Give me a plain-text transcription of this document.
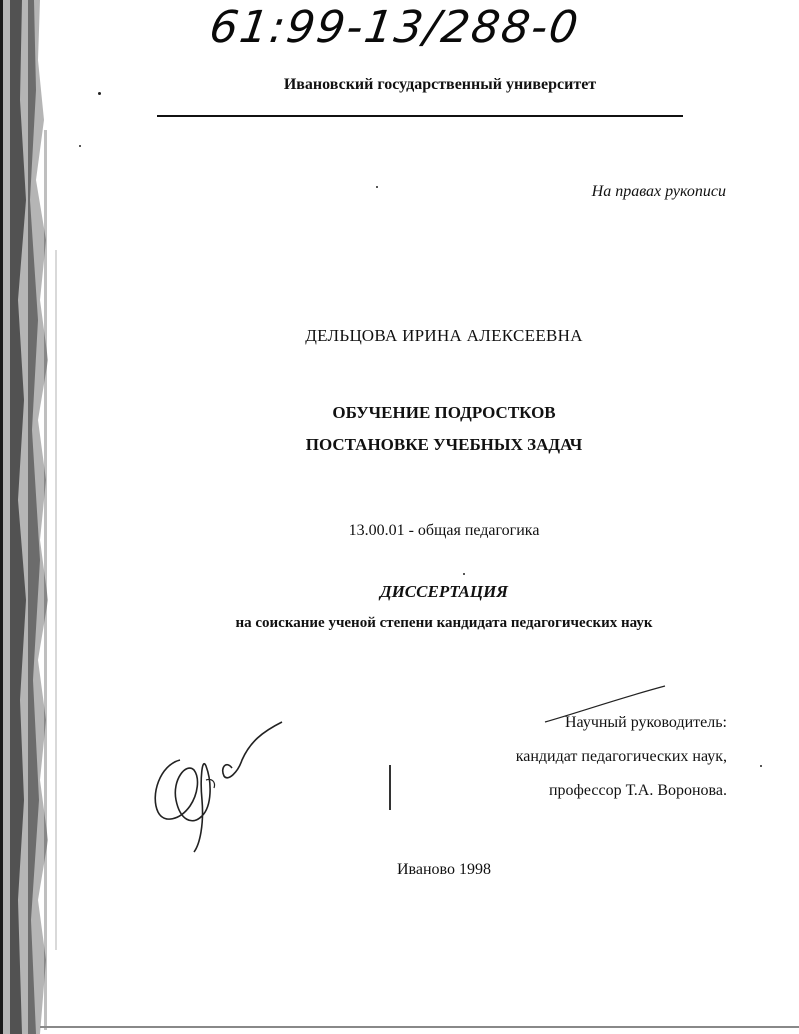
61:99-13/288-0
Ивановский государственный университет
На правах рукописи
ДЕЛЬЦОВА ИРИНА АЛЕКСЕЕВНА
ОБУЧЕНИЕ ПОДРОСТКОВ
ПОСТАНОВКЕ УЧЕБНЫХ ЗАДАЧ
13.00.01 - общая педагогика
ДИССЕРТАЦИЯ
на соискание ученой степени кандидата педагогических наук
Научный руководитель:
кандидат педагогических наук,
профессор Т.А. Воронова.
Иваново 1998
